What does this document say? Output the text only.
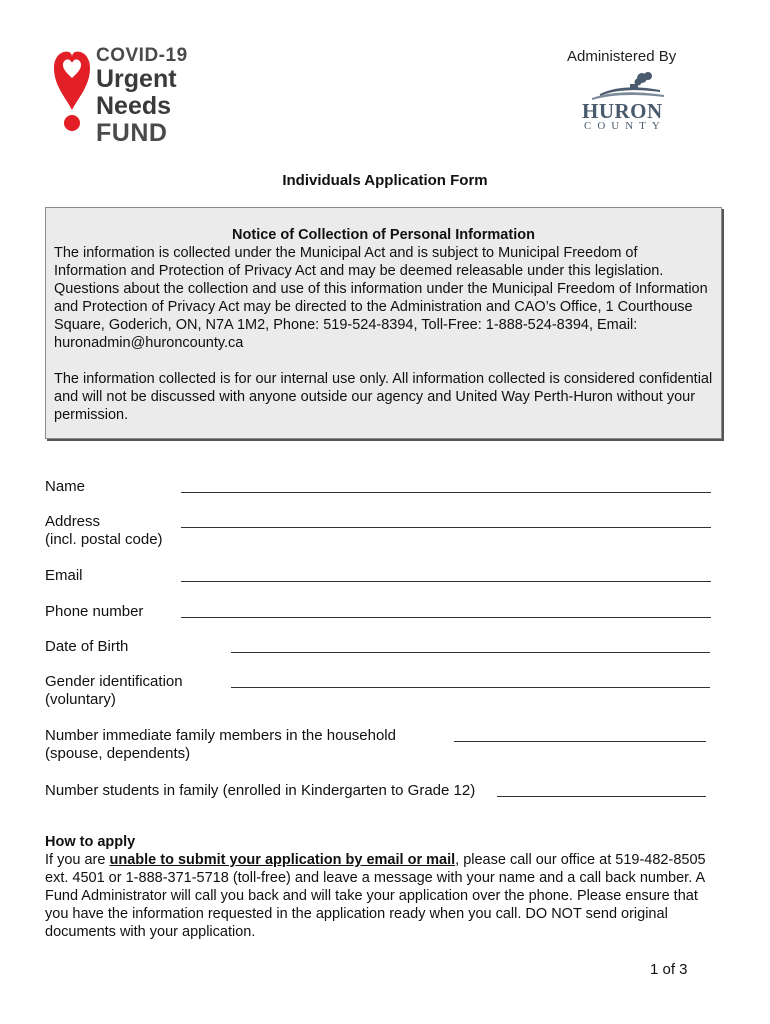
COVID-19
Urgent
Needs
FUND
Administered By
HURON
COUNTY
Individuals Application Form
Notice of Collection of Personal Information

The information is collected under the Municipal Act and is subject to Municipal Freedom of Information and Protection of Privacy Act and may be deemed releasable under this legislation. Questions about the collection and use of this information under the Municipal Freedom of Information and Protection of Privacy Act may be directed to the Administration and CAO’s Office, 1 Courthouse Square, Goderich, ON, N7A 1M2, Phone: 519-524-8394, Toll-Free: 1-888-524-8394, Email: huronadmin@huroncounty.ca

The information collected is for our internal use only. All information collected is considered confidential and will not be discussed with anyone outside our agency and United Way Perth-Huron without your permission.

Name
Address
(incl. postal code)
Email
Phone number
Date of Birth
Gender identification
(voluntary)
Number immediate family members in the household
(spouse, dependents)
Number students in family (enrolled in Kindergarten to Grade 12)
How to apply
If you are unable to submit your application by email or mail, please call our office at 519-482-8505 ext. 4501 or 1-888-371-5718 (toll-free) and leave a message with your name and a call back number. A Fund Administrator will call you back and will take your application over the phone. Please ensure that you have the information requested in the application ready when you call. DO NOT send original documents with your application.
1 of 3
